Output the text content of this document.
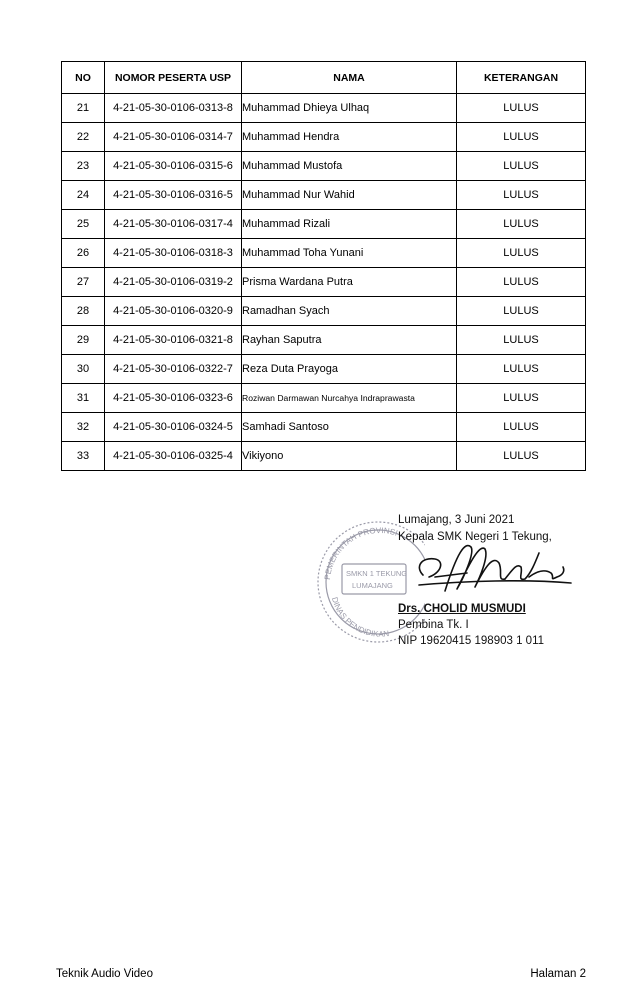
NO	NOMOR PESERTA USP	NAMA	KETERANGAN
21	4-21-05-30-0106-0313-8	Muhammad Dhieya Ulhaq	LULUS
22	4-21-05-30-0106-0314-7	Muhammad Hendra	LULUS
23	4-21-05-30-0106-0315-6	Muhammad Mustofa	LULUS
24	4-21-05-30-0106-0316-5	Muhammad Nur Wahid	LULUS
25	4-21-05-30-0106-0317-4	Muhammad Rizali	LULUS
26	4-21-05-30-0106-0318-3	Muhammad Toha Yunani	LULUS
27	4-21-05-30-0106-0319-2	Prisma Wardana Putra	LULUS
28	4-21-05-30-0106-0320-9	Ramadhan Syach	LULUS
29	4-21-05-30-0106-0321-8	Rayhan Saputra	LULUS
30	4-21-05-30-0106-0322-7	Reza Duta Prayoga	LULUS
31	4-21-05-30-0106-0323-6	Roziwan Darmawan Nurcahya Indraprawasta	LULUS
32	4-21-05-30-0106-0324-5	Samhadi Santoso	LULUS
33	4-21-05-30-0106-0325-4	Vikiyono	LULUS
PEMERINTAH PROVINSI
DINAS PENDIDIKAN
SMKN 1 TEKUNG
LUMAJANG
Lumajang, 3 Juni 2021
Kepala SMK Negeri 1 Tekung,
Drs. CHOLID MUSMUDI
Pembina Tk. I
NIP 19620415 198903 1 011
Teknik Audio Video	Halaman 2
